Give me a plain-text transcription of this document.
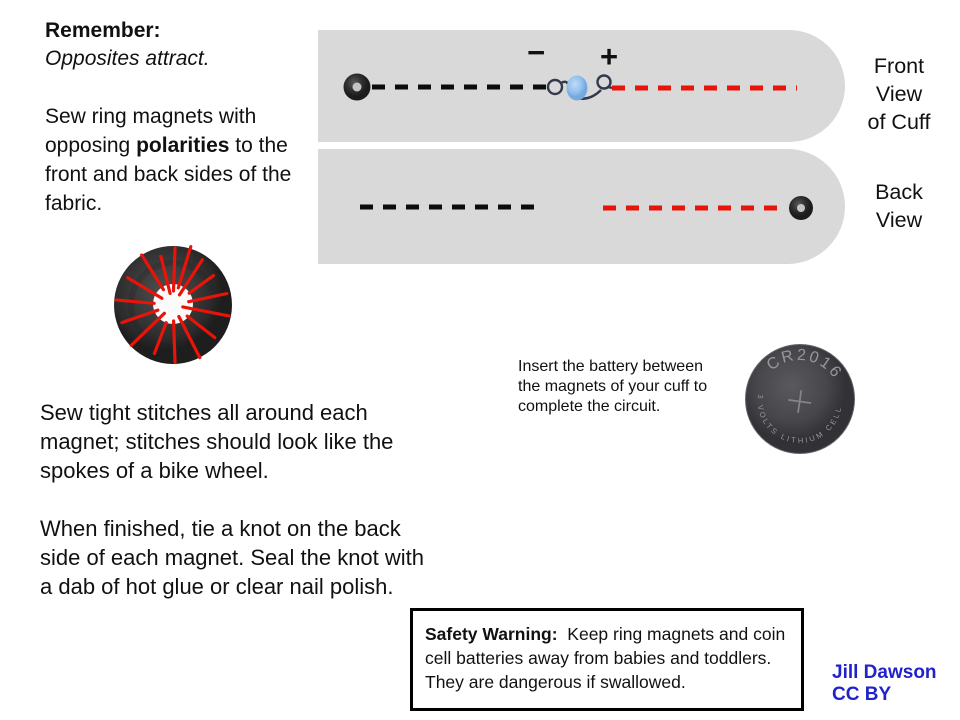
Remember:
Opposites attract.
Sew ring magnets with opposing polarities to the front and back sides of the fabric.
− +	Front
View
of Cuff
Back
View
Sew tight stitches all around each magnet; stitches should look like the spokes of a bike wheel.
When finished, tie a knot on the back side of each magnet. Seal the knot with a dab of hot glue or clear nail polish.
Insert the battery between the magnets of your cuff to complete the circuit.
CR2016
3 VOLTS LITHIUM CELL
Safety Warning:  Keep ring magnets and coin cell batteries away from babies and toddlers.  They are dangerous if swallowed.	Jill Dawson
CC BY
